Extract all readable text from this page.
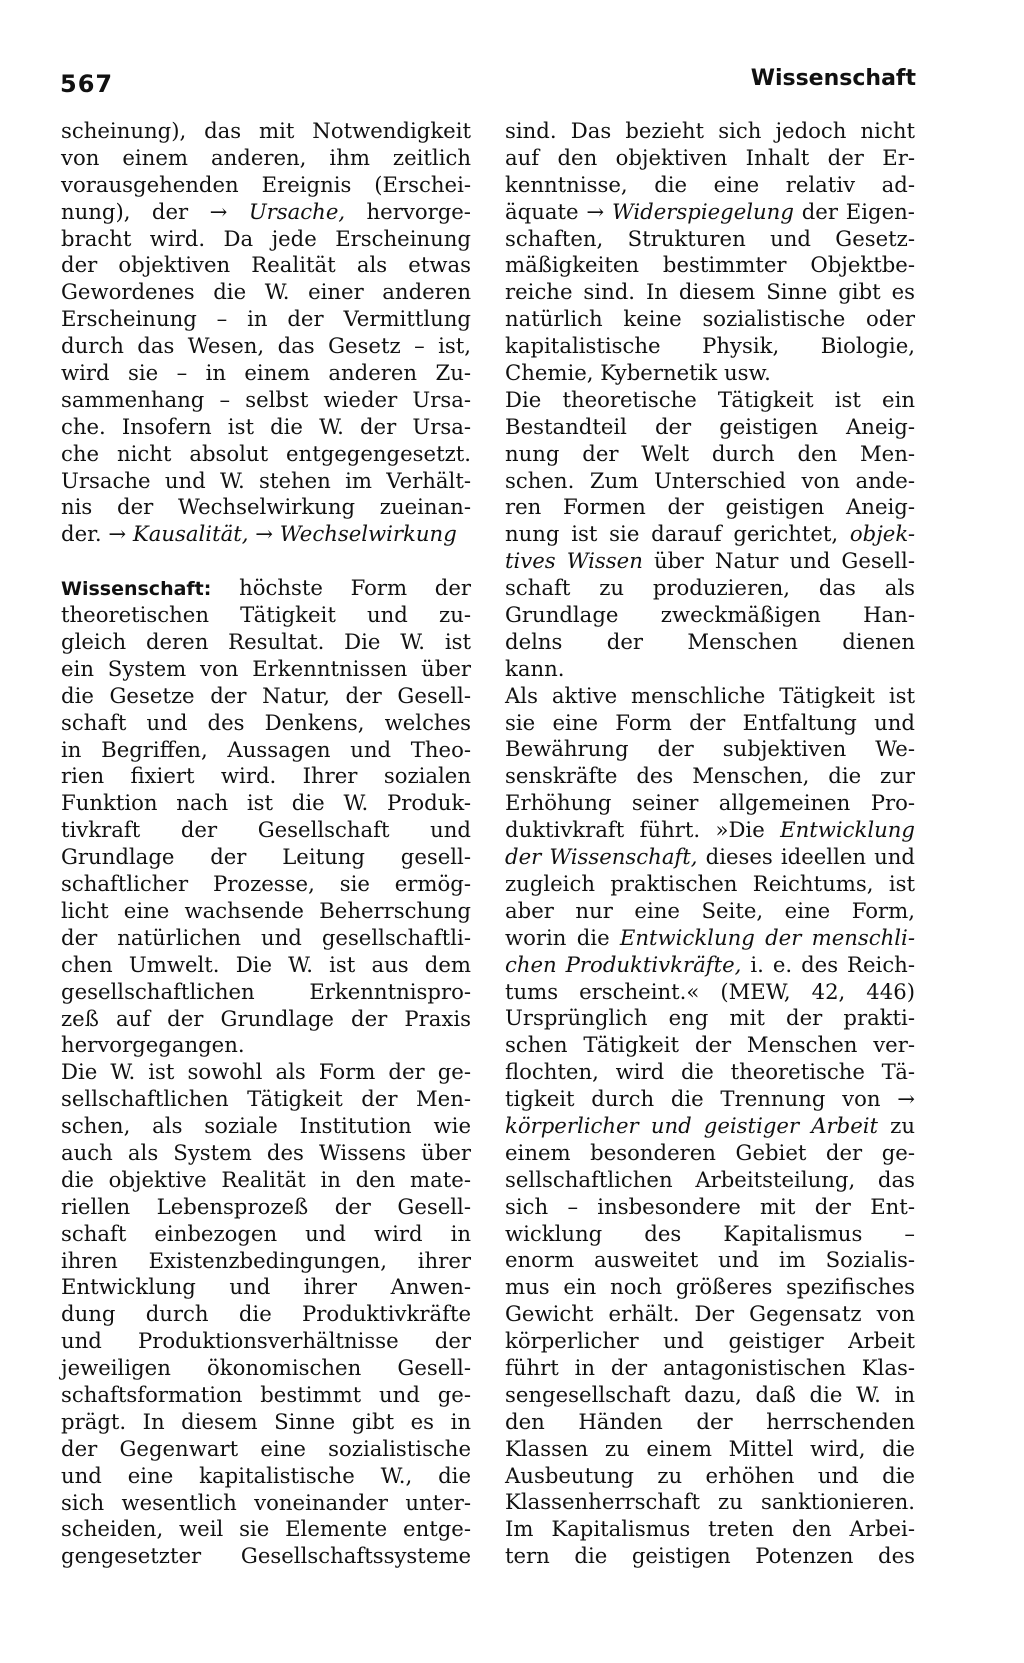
567	Wissenschaft
scheinung), das mit Notwendigkeit
von einem anderen, ihm zeitlich
vorausgehenden Ereignis (Erschei-
nung), der → Ursache, hervorge-
bracht wird. Da jede Erscheinung
der objektiven Realität als etwas
Gewordenes die W. einer anderen
Erscheinung – in der Vermittlung
durch das Wesen, das Gesetz – ist,
wird sie – in einem anderen Zu-
sammenhang – selbst wieder Ursa-
che. Insofern ist die W. der Ursa-
che nicht absolut entgegengesetzt.
Ursache und W. stehen im Verhält-
nis der Wechselwirkung zueinan-
der. → Kausalität, → Wechselwirkung
Wissenschaft: höchste Form der
theoretischen Tätigkeit und zu-
gleich deren Resultat. Die W. ist
ein System von Erkenntnissen über
die Gesetze der Natur, der Gesell-
schaft und des Denkens, welches
in Begriffen, Aussagen und Theo-
rien fixiert wird. Ihrer sozialen
Funktion nach ist die W. Produk-
tivkraft der Gesellschaft und
Grundlage der Leitung gesell-
schaftlicher Prozesse, sie ermög-
licht eine wachsende Beherrschung
der natürlichen und gesellschaftli-
chen Umwelt. Die W. ist aus dem
gesellschaftlichen Erkenntnispro-
zeß auf der Grundlage der Praxis
hervorgegangen.
Die W. ist sowohl als Form der ge-
sellschaftlichen Tätigkeit der Men-
schen, als soziale Institution wie
auch als System des Wissens über
die objektive Realität in den mate-
riellen Lebensprozeß der Gesell-
schaft einbezogen und wird in
ihren Existenzbedingungen, ihrer
Entwicklung und ihrer Anwen-
dung durch die Produktivkräfte
und Produktionsverhältnisse der
jeweiligen ökonomischen Gesell-
schaftsformation bestimmt und ge-
prägt. In diesem Sinne gibt es in
der Gegenwart eine sozialistische
und eine kapitalistische W., die
sich wesentlich voneinander unter-
scheiden, weil sie Elemente entge-
gengesetzter Gesellschaftssysteme
sind. Das bezieht sich jedoch nicht
auf den objektiven Inhalt der Er-
kenntnisse, die eine relativ ad-
äquate → Widerspiegelung der Eigen-
schaften, Strukturen und Gesetz-
mäßigkeiten bestimmter Objektbe-
reiche sind. In diesem Sinne gibt es
natürlich keine sozialistische oder
kapitalistische Physik, Biologie,
Chemie, Kybernetik usw.
Die theoretische Tätigkeit ist ein
Bestandteil der geistigen Aneig-
nung der Welt durch den Men-
schen. Zum Unterschied von ande-
ren Formen der geistigen Aneig-
nung ist sie darauf gerichtet, objek-
tives Wissen über Natur und Gesell-
schaft zu produzieren, das als
Grundlage zweckmäßigen Han-
delns der Menschen dienen
kann.
Als aktive menschliche Tätigkeit ist
sie eine Form der Entfaltung und
Bewährung der subjektiven We-
senskräfte des Menschen, die zur
Erhöhung seiner allgemeinen Pro-
duktivkraft führt. »Die Entwicklung
der Wissenschaft, dieses ideellen und
zugleich praktischen Reichtums, ist
aber nur eine Seite, eine Form,
worin die Entwicklung der menschli-
chen Produktivkräfte, i. e. des Reich-
tums erscheint.« (MEW, 42, 446)
Ursprünglich eng mit der prakti-
schen Tätigkeit der Menschen ver-
flochten, wird die theoretische Tä-
tigkeit durch die Trennung von →
körperlicher und geistiger Arbeit zu
einem besonderen Gebiet der ge-
sellschaftlichen Arbeitsteilung, das
sich – insbesondere mit der Ent-
wicklung des Kapitalismus –
enorm ausweitet und im Sozialis-
mus ein noch größeres spezifisches
Gewicht erhält. Der Gegensatz von
körperlicher und geistiger Arbeit
führt in der antagonistischen Klas-
sengesellschaft dazu, daß die W. in
den Händen der herrschenden
Klassen zu einem Mittel wird, die
Ausbeutung zu erhöhen und die
Klassenherrschaft zu sanktionieren.
Im Kapitalismus treten den Arbei-
tern die geistigen Potenzen des
